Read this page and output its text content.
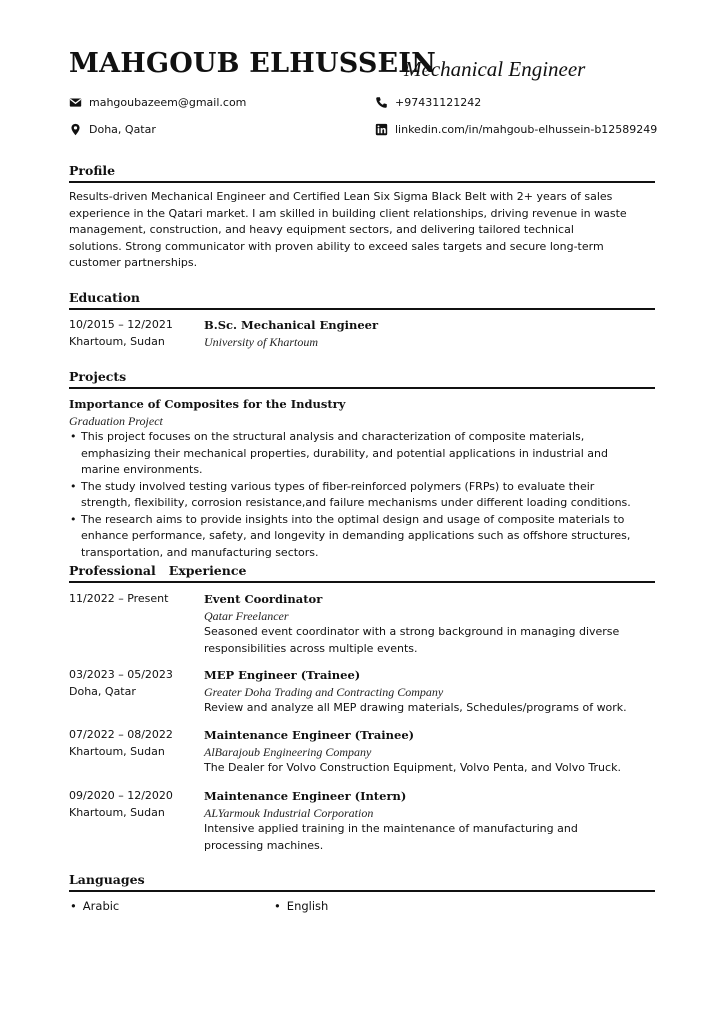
MAHGOUB ELHUSSEIN
Mechanical Engineer
mahgoubazeem@gmail.com	+97431121242
Doha, Qatar	linkedin.com/in/mahgoub-elhussein-b12589249
Profile
Results-driven Mechanical Engineer and Certified Lean Six Sigma Black Belt with 2+ years of sales experience in the Qatari market. I am skilled in building client relationships, driving revenue in waste management, construction, and heavy equipment sectors, and delivering tailored technical solutions. Strong communicator with proven ability to exceed sales targets and secure long-term customer partnerships.
Education
10/2015 – 12/2021
Khartoum, Sudan
B.Sc. Mechanical Engineer
University of Khartoum
Projects
Importance of Composites for the Industry
Graduation Project
• This project focuses on the structural analysis and characterization of composite materials, emphasizing their mechanical properties, durability, and potential applications in industrial and marine environments.
• The study involved testing various types of fiber-reinforced polymers (FRPs) to evaluate their strength, flexibility, corrosion resistance,and failure mechanisms under different loading conditions.
• The research aims to provide insights into the optimal design and usage of composite materials to enhance performance, safety, and longevity in demanding applications such as offshore structures, transportation, and manufacturing sectors.
Professional   Experience
11/2022 – Present	Event Coordinator
Qatar Freelancer
Seasoned event coordinator with a strong background in managing diverse responsibilities across multiple events.
03/2023 – 05/2023
Doha, Qatar
MEP Engineer (Trainee)
Greater Doha Trading and Contracting Company
Review and analyze all MEP drawing materials, Schedules/programs of work.
07/2022 – 08/2022
Khartoum, Sudan
Maintenance Engineer (Trainee)
AlBarajoub Engineering Company
The Dealer for Volvo Construction Equipment, Volvo Penta, and Volvo Truck.
09/2020 – 12/2020
Khartoum, Sudan
Maintenance Engineer (Intern)
ALYarmouk Industrial Corporation
Intensive applied training in the maintenance of manufacturing and processing machines.
Languages
• Arabic
•	English
